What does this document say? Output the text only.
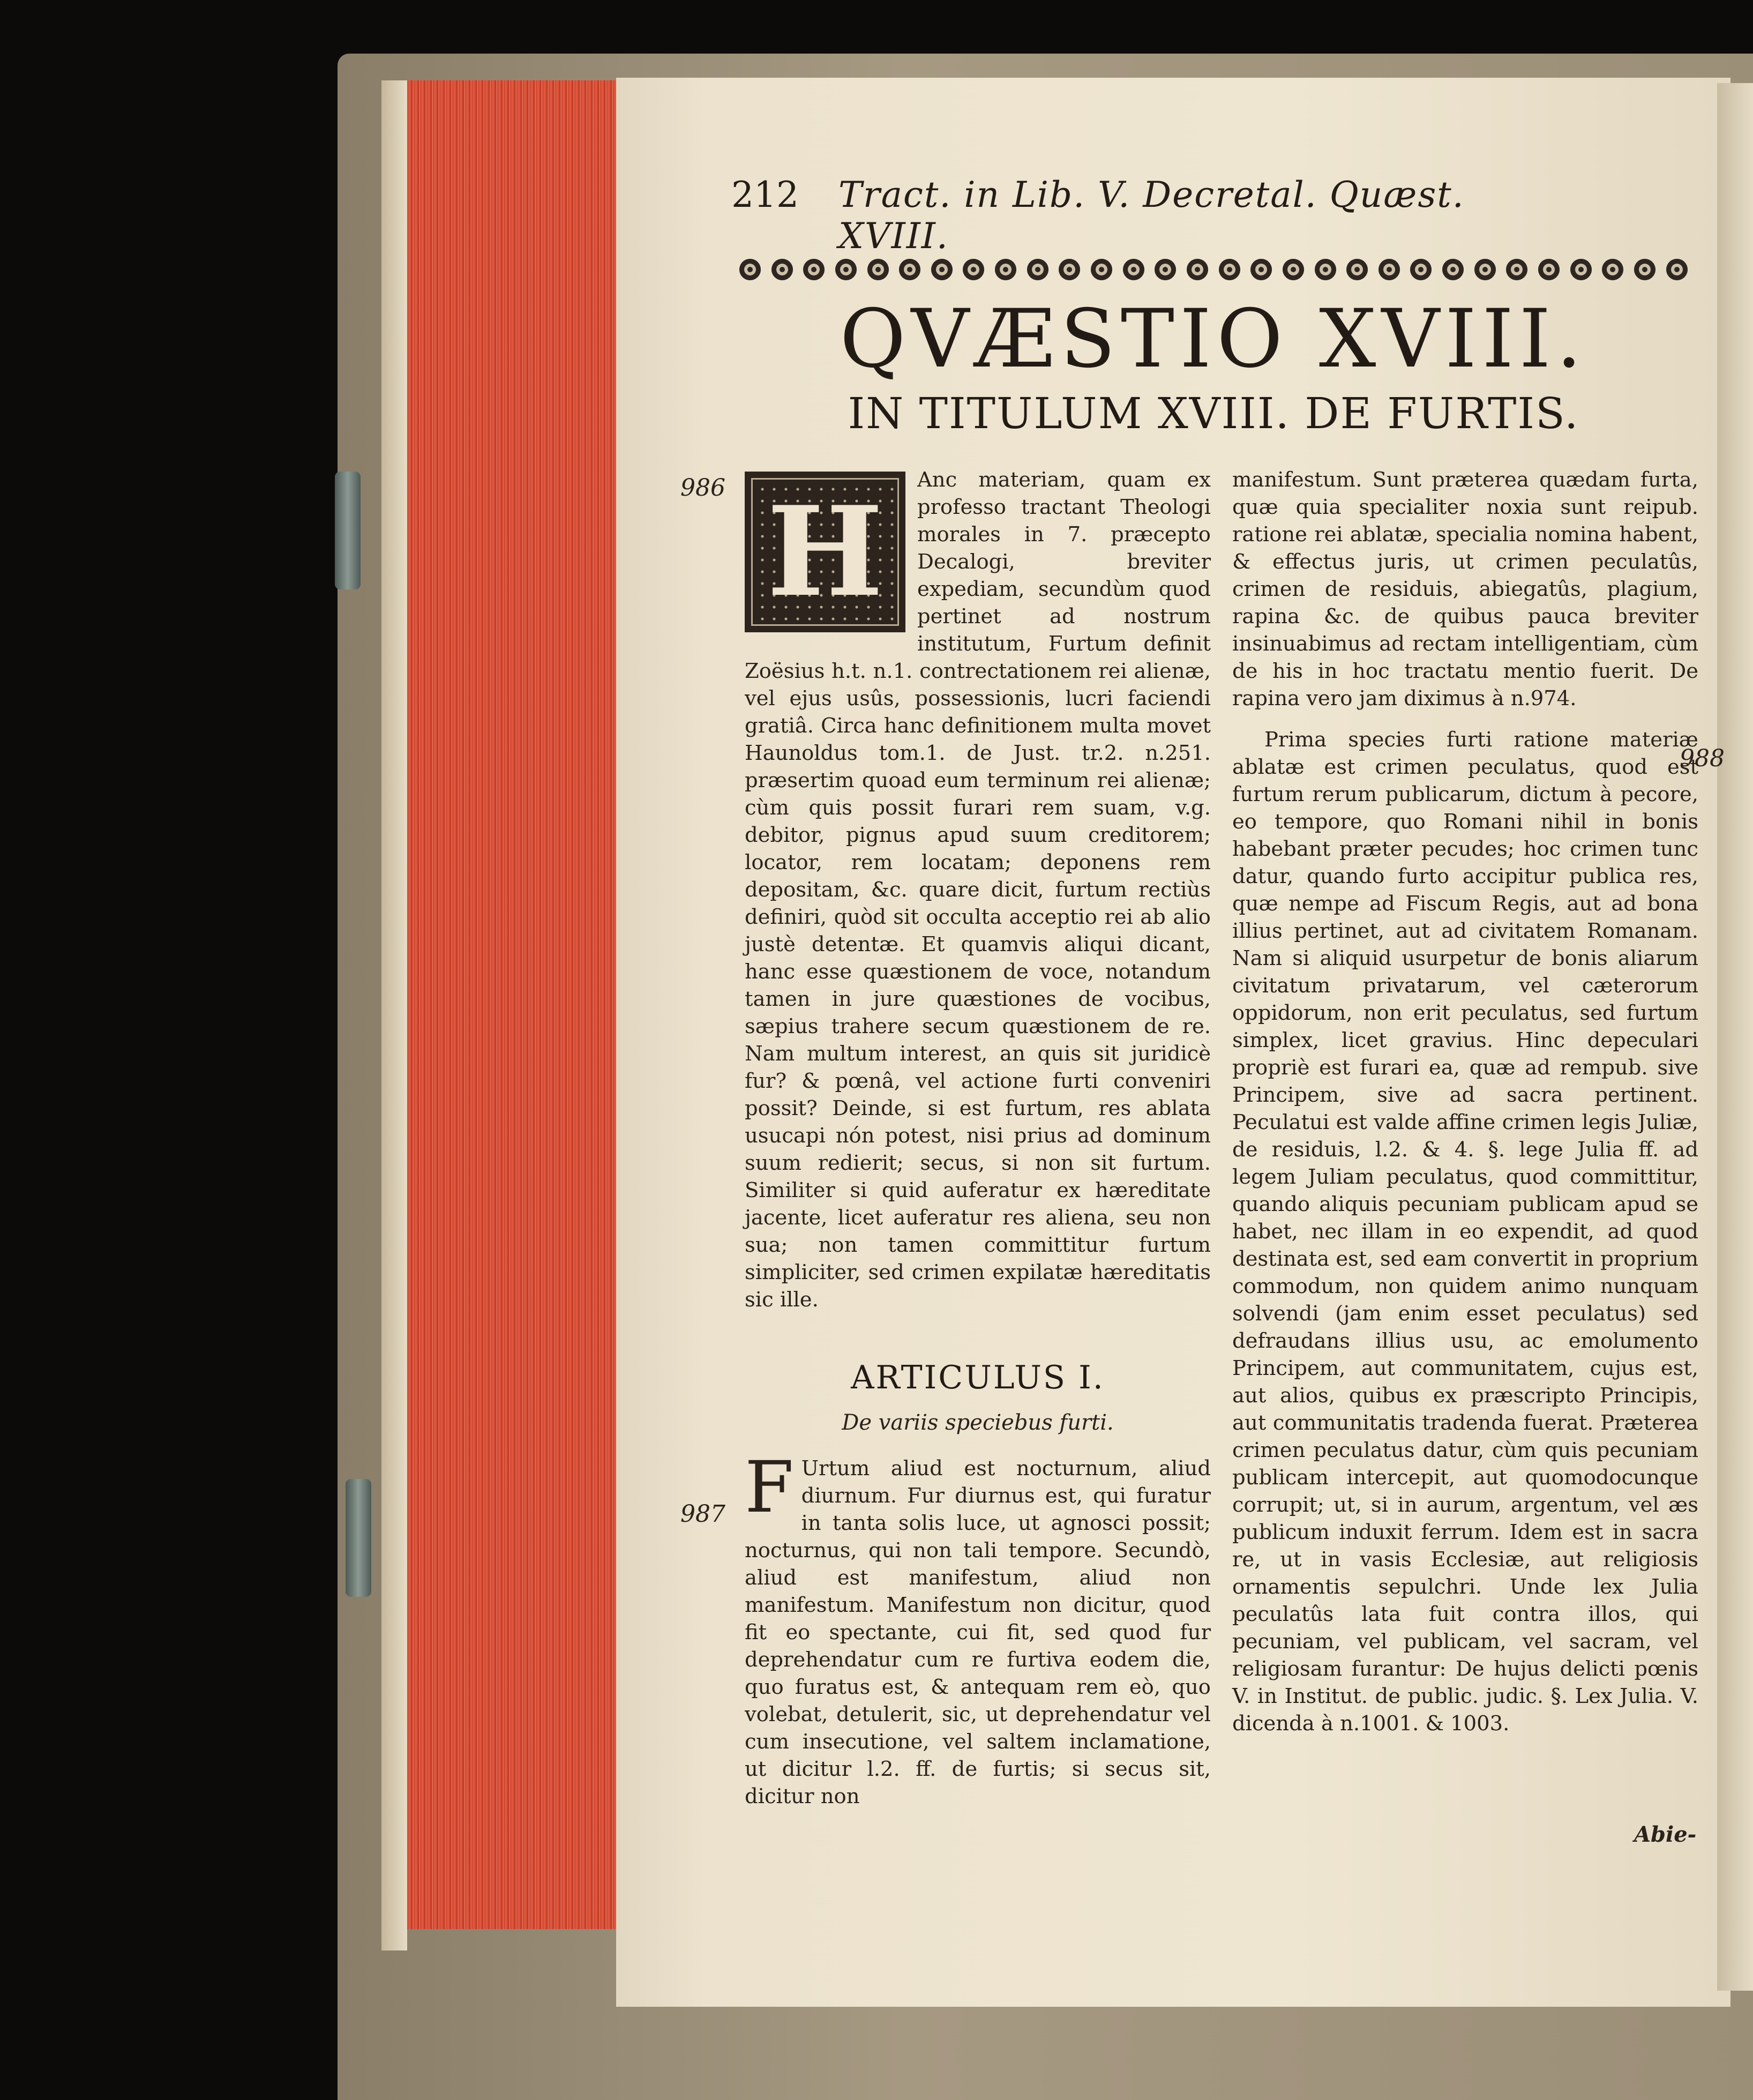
212 Tract. in Lib. V. Decretal. Quæst. XVIII.
QVÆSTIO XVIII.
IN TITULUM XVIII. DE FURTIS.
986
987
988
H	Anc materiam, quam ex professo tractant Theologi morales in 7. præcepto Decalogi, breviter expediam, secundùm quod pertinet ad nostrum institutum, Furtum definit Zoësius h.t. n.1. contrectationem rei alienæ, vel ejus usûs, possessionis, lucri faciendi gratiâ. Circa hanc definitionem multa movet Haunoldus tom.1. de Just. tr.2. n.251. præsertim quoad eum terminum rei alienæ; cùm quis possit furari rem suam, v.g. debitor, pignus apud suum creditorem; locator, rem locatam; deponens rem depositam, &c. quare dicit, furtum rectiùs definiri, quòd sit occulta acceptio rei ab alio justè detentæ. Et quamvis aliqui dicant, hanc esse quæstionem de voce, notandum tamen in jure quæstiones de vocibus, sæpius trahere secum quæstionem de re. Nam multum interest, an quis sit juridicè fur? & pœnâ, vel actione furti conveniri possit? Deinde, si est furtum, res ablata usucapi nón potest, nisi prius ad dominum suum redierit; secus, si non sit furtum. Similiter si quid auferatur ex hæreditate jacente, licet auferatur res aliena, seu non sua; non tamen committitur furtum simpliciter, sed crimen expilatæ hæreditatis sic ille.

ARTICULUS I.
De variis speciebus furti.
F Urtum aliud est nocturnum, aliud diurnum. Fur diurnus est, qui furatur in tanta solis luce, ut agnosci possit; nocturnus, qui non tali tempore. Secundò, aliud est manifestum, aliud non manifestum. Manifestum non dicitur, quod fit eo spectante, cui fit, sed quod fur deprehendatur cum re furtiva eodem die, quo furatus est, & antequam rem eò, quo volebat, detulerit, sic, ut deprehendatur vel cum insecutione, vel saltem inclamatione, ut dicitur l.2. ff. de furtis; si secus sit, dicitur non

manifestum. Sunt præterea quædam furta, quæ quia specialiter noxia sunt reipub. ratione rei ablatæ, specialia nomina habent, & effectus juris, ut crimen peculatûs, crimen de residuis, abiegatûs, plagium, rapina &c. de quibus pauca breviter insinuabimus ad rectam intelligentiam, cùm de his in hoc tractatu mentio fuerit. De rapina vero jam diximus à n.974.

Prima species furti ratione materiæ ablatæ est crimen peculatus, quod est furtum rerum publicarum, dictum à pecore, eo tempore, quo Romani nihil in bonis habebant præter pecudes; hoc crimen tunc datur, quando furto accipitur publica res, quæ nempe ad Fiscum Regis, aut ad bona illius pertinet, aut ad civitatem Romanam. Nam si aliquid usurpetur de bonis aliarum civitatum privatarum, vel cæterorum oppidorum, non erit peculatus, sed furtum simplex, licet gravius. Hinc depeculari propriè est furari ea, quæ ad rempub. sive Principem, sive ad sacra pertinent. Peculatui est valde affine crimen legis Juliæ, de residuis, l.2. & 4. §. lege Julia ff. ad legem Juliam peculatus, quod committitur, quando aliquis pecuniam publicam apud se habet, nec illam in eo expendit, ad quod destinata est, sed eam convertit in proprium commodum, non quidem animo nunquam solvendi (jam enim esset peculatus) sed defraudans illius usu, ac emolumento Principem, aut communitatem, cujus est, aut alios, quibus ex præscripto Principis, aut communitatis tradenda fuerat. Præterea crimen peculatus datur, cùm quis pecuniam publicam intercepit, aut quomodocunque corrupit; ut, si in aurum, argentum, vel æs publicum induxit ferrum. Idem est in sacra re, ut in vasis Ecclesiæ, aut religiosis ornamentis sepulchri. Unde lex Julia peculatûs lata fuit contra illos, qui pecuniam, vel publicam, vel sacram, vel religiosam furantur: De hujus delicti pœnis V. in Institut. de public. judic. §. Lex Julia. V. dicenda à n.1001. & 1003.

Abie-
